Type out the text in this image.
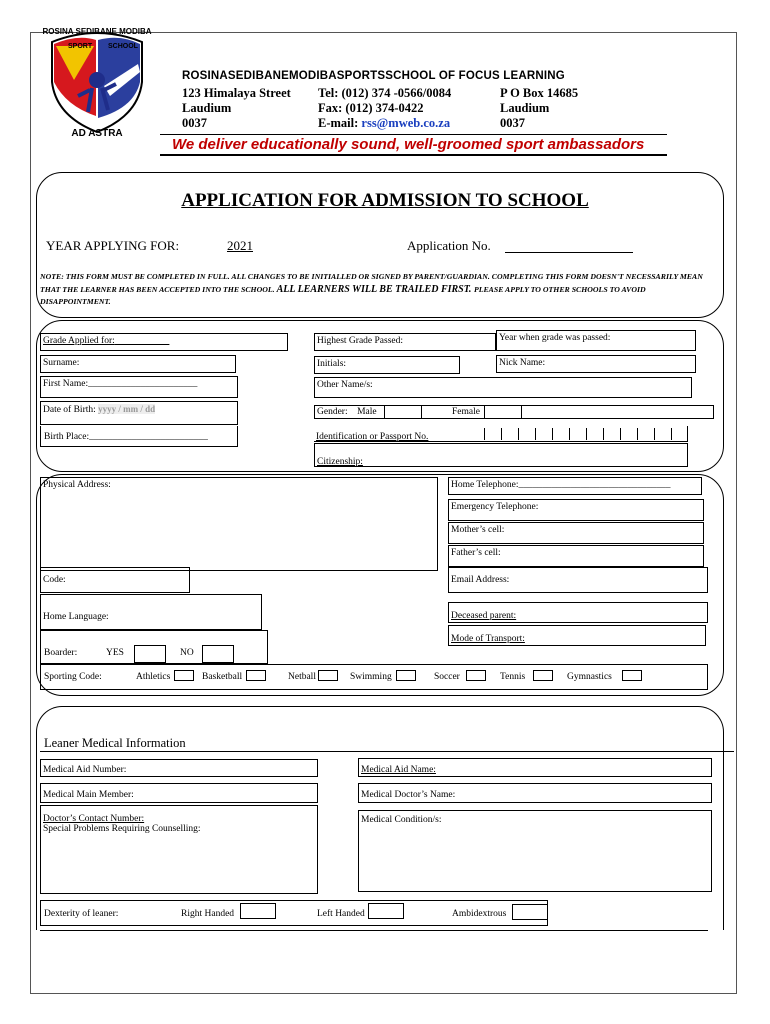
ROSINA SEDIBANE MODIBA
SPORT SCHOOL
AD ASTRA
ROSINASEDIBANEMODIBASPORTSSCHOOL OF FOCUS LEARNING
123 Himalaya Street
Laudium
0037
Tel: (012) 374 -0566/0084
Fax: (012) 374-0422
E-mail: rss@mweb.co.za
P O Box 14685
Laudium
0037
We deliver educationally sound, well-groomed sport ambassadors
APPLICATION FOR ADMISSION TO SCHOOL
YEAR APPLYING FOR:	2021	Application No.
NOTE: THIS FORM MUST BE COMPLETED IN FULL. ALL CHANGES TO BE INITIALLED OR SIGNED BY PARENT/GUARDIAN. COMPLETING THIS FORM DOESN'T NECESSARILY MEAN THAT THE LEARNER HAS BEEN ACCEPTED INTO THE SCHOOL. ALL LEARNERS WILL BE TRAILED FIRST. PLEASE APPLY TO OTHER SCHOOLS TO AVOID DISAPPOINTMENT.
Grade Applied for:	Highest Grade Passed:	Year when grade was passed:
Surname:	Initials:	Nick Name:
First Name:_______________________	Other Name/s:
Date of Birth: yyyy / mm / dd	Gender: Male	Female
Birth Place:_________________________	Identification or Passport No.
Citizenship:
Physical Address:	Home Telephone:________________________________
Emergency Telephone:
Mother’s cell:
Father’s cell:
Code:	Email Address:
Home Language:	Deceased parent:
Mode of Transport:
Boarder:	YES	NO
Sporting Code:	Athletics	Basketball	Netball	Swimming	Soccer	Tennis	Gymnastics
Leaner Medical Information
Medical Aid Number:	Medical Aid Name:
Medical Main Member:	Medical Doctor’s Name:
Doctor’s Contact Number:
Special Problems Requiring Counselling:
Medical Condition/s:
Dexterity of leaner:	Right Handed	Left Handed	Ambidextrous
